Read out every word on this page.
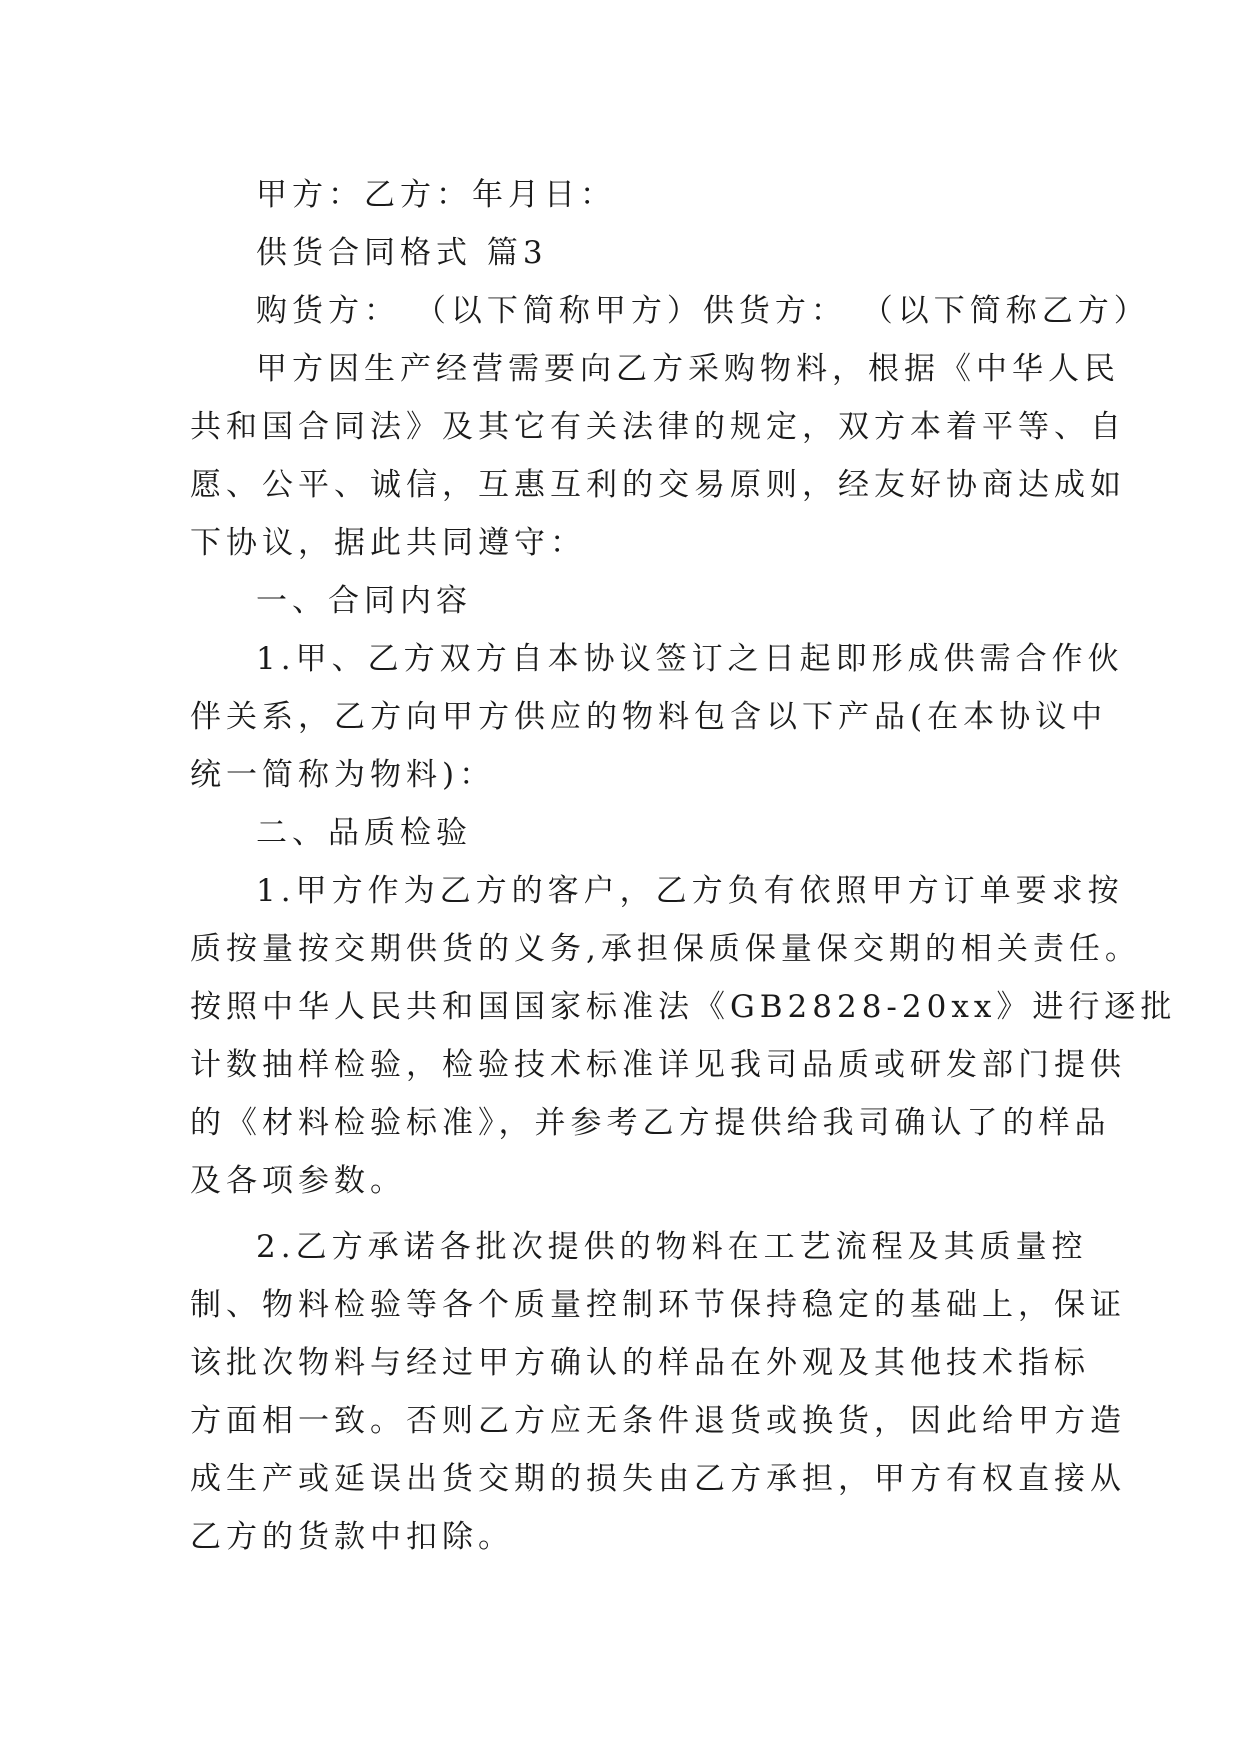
甲方：乙方：年月日：
供货合同格式 篇3
购货方： （以下简称甲方）供货方： （以下简称乙方）
甲方因生产经营需要向乙方采购物料，根据《中华人民
共和国合同法》及其它有关法律的规定，双方本着平等、自
愿、公平、诚信，互惠互利的交易原则，经友好协商达成如
下协议，据此共同遵守：
一、合同内容
1.甲、乙方双方自本协议签订之日起即形成供需合作伙
伴关系，乙方向甲方供应的物料包含以下产品(在本协议中
统一简称为物料)：
二、品质检验
1.甲方作为乙方的客户，乙方负有依照甲方订单要求按
质按量按交期供货的义务,承担保质保量保交期的相关责任。
按照中华人民共和国国家标准法《GB2828-20xx》进行逐批
计数抽样检验，检验技术标准详见我司品质或研发部门提供
的《材料检验标准》，并参考乙方提供给我司确认了的样品
及各项参数。
2.乙方承诺各批次提供的物料在工艺流程及其质量控
制、物料检验等各个质量控制环节保持稳定的基础上，保证
该批次物料与经过甲方确认的样品在外观及其他技术指标
方面相一致。否则乙方应无条件退货或换货，因此给甲方造
成生产或延误出货交期的损失由乙方承担，甲方有权直接从
乙方的货款中扣除。
